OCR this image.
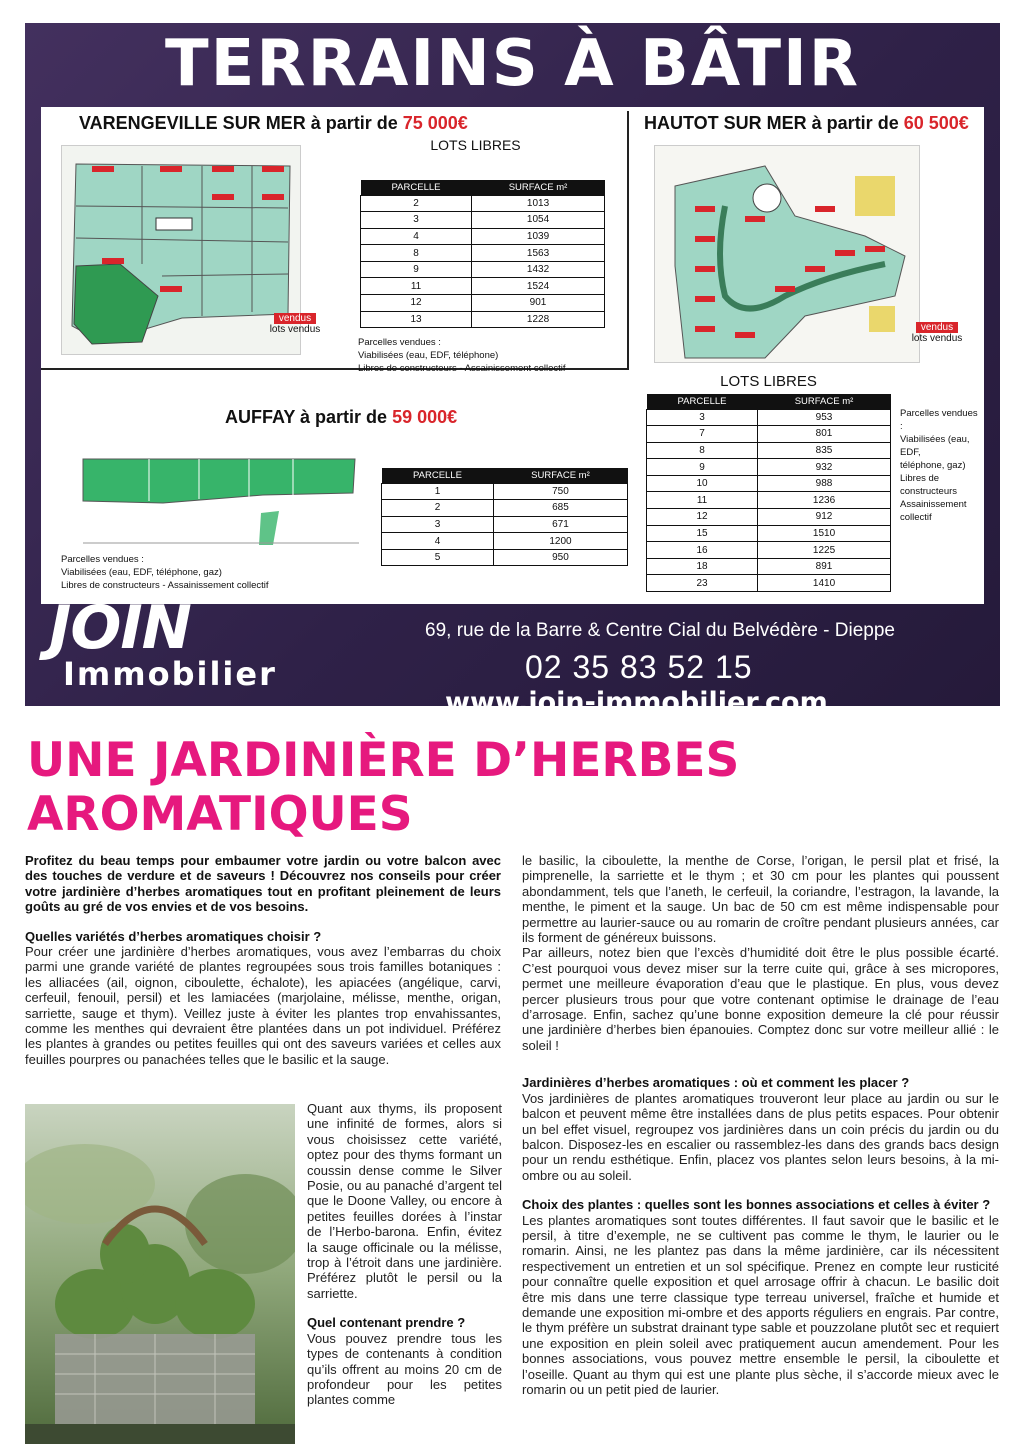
TERRAINS À BÂTIR
VARENGEVILLE SUR MER à partir de 75 000€
LOTS LIBRES
vendus
lots vendus
PARCELLE	SURFACE m²
2	1013
3	1054
4	1039
8	1563
9	1432
11	1524
12	901
13	1228
Parcelles vendues :
Viabilisées (eau, EDF, téléphone)
Libres de constructeurs - Assainissement collectif
HAUTOT SUR MER à partir de 60 500€
vendus
lots vendus
LOTS LIBRES
PARCELLE	SURFACE m²
3	953
7	801
8	835
9	932
10	988
11	1236
12	912
15	1510
16	1225
18	891
23	1410
Parcelles vendues :
Viabilisées (eau, EDF,
téléphone, gaz)
Libres de constructeurs
Assainissement collectif
AUFFAY à partir de 59 000€
PARCELLE	SURFACE m²
1	750
2	685
3	671
4	1200
5	950
Parcelles vendues :
Viabilisées (eau, EDF, téléphone, gaz)
Libres de constructeurs - Assainissement collectif
JOIN
Immobilier
69, rue de la Barre & Centre Cial du Belvédère - Dieppe
02 35 83 52 15
www.join-immobilier.com
UNE JARDINIÈRE D’HERBES
AROMATIQUES

Profitez du beau temps pour embaumer votre jardin ou votre balcon avec des touches de verdure et de saveurs ! Découvrez nos conseils pour créer votre jardinière d’herbes aromatiques tout en profitant pleinement de leurs goûts au gré de vos envies et de vos besoins.

Quelles variétés d’herbes aromatiques choisir ?

Pour créer une jardinière d’herbes aromatiques, vous avez l’embarras du choix parmi une grande variété de plantes regroupées sous trois familles botaniques : les alliacées (ail, oignon, ciboulette, échalote), les apiacées (angélique, carvi, cerfeuil, fenouil, persil) et les lamiacées (marjolaine, mélisse, menthe, origan, sarriette, sauge et thym). Veillez juste à éviter les plantes trop envahissantes, comme les menthes qui devraient être plantées dans un pot individuel. Préférez les plantes à grandes ou petites feuilles qui ont des saveurs variées et celles aux feuilles pourpres ou panachées telles que le basilic et la sauge.

Quant aux thyms, ils proposent une infinité de formes, alors si vous choisissez cette variété, optez pour des thyms formant un coussin dense comme le Silver Posie, ou au panaché d’argent tel que le Doone Valley, ou encore à petites feuilles dorées à l’instar de l’Herbo-barona. Enfin, évitez la sauge officinale ou la mélisse, trop à l’étroit dans une jardinière. Préférez plutôt le persil ou la sarriette.

Quel contenant prendre ?

Vous pouvez prendre tous les types de contenants à condition qu’ils offrent au moins 20 cm de profondeur pour les petites plantes comme

le basilic, la ciboulette, la menthe de Corse, l’origan, le persil plat et frisé, la pimprenelle, la sarriette et le thym ; et 30 cm pour les plantes qui poussent abondamment, tels que l’aneth, le cerfeuil, la coriandre, l’estragon, la lavande, la menthe, le piment et la sauge. Un bac de 50 cm est même indispensable pour permettre au laurier-sauce ou au romarin de croître pendant plusieurs années, car ils forment de généreux buissons.

Par ailleurs, notez bien que l’excès d’humidité doit être le plus possible écarté. C’est pourquoi vous devez miser sur la terre cuite qui, grâce à ses micropores, permet une meilleure évaporation d’eau que le plastique. En plus, vous devez percer plusieurs trous pour que votre contenant optimise le drainage de l’eau d’arrosage. Enfin, sachez qu’une bonne exposition demeure la clé pour réussir une jardinière d’herbes bien épanouies. Comptez donc sur votre meilleur allié : le soleil !

Jardinières d’herbes aromatiques : où et comment les placer ?

Vos jardinières de plantes aromatiques trouveront leur place au jardin ou sur le balcon et peuvent même être installées dans de plus petits espaces. Pour obtenir un bel effet visuel, regroupez vos jardinières dans un coin précis du jardin ou du balcon. Disposez-les en escalier ou rassemblez-les dans des grands bacs design pour un rendu esthétique. Enfin, placez vos plantes selon leurs besoins, à la mi-ombre ou au soleil.

Choix des plantes : quelles sont les bonnes associations et celles à éviter ?

Les plantes aromatiques sont toutes différentes. Il faut savoir que le basilic et le persil, à titre d’exemple, ne se cultivent pas comme le thym, le laurier ou le romarin. Ainsi, ne les plantez pas dans la même jardinière, car ils nécessitent respectivement un entretien et un sol spécifique. Prenez en compte leur rusticité pour connaître quelle exposition et quel arrosage offrir à chacun. Le basilic doit être mis dans une terre classique type terreau universel, fraîche et humide et demande une exposition mi-ombre et des apports réguliers en engrais. Par contre, le thym préfère un substrat drainant type sable et pouzzolane plutôt sec et requiert une exposition en plein soleil avec pratiquement aucun amendement. Pour les bonnes associations, vous pouvez mettre ensemble le persil, la ciboulette et l’oseille. Quant au thym qui est une plante plus sèche, il s’accorde mieux avec le romarin ou un petit pied de laurier.
